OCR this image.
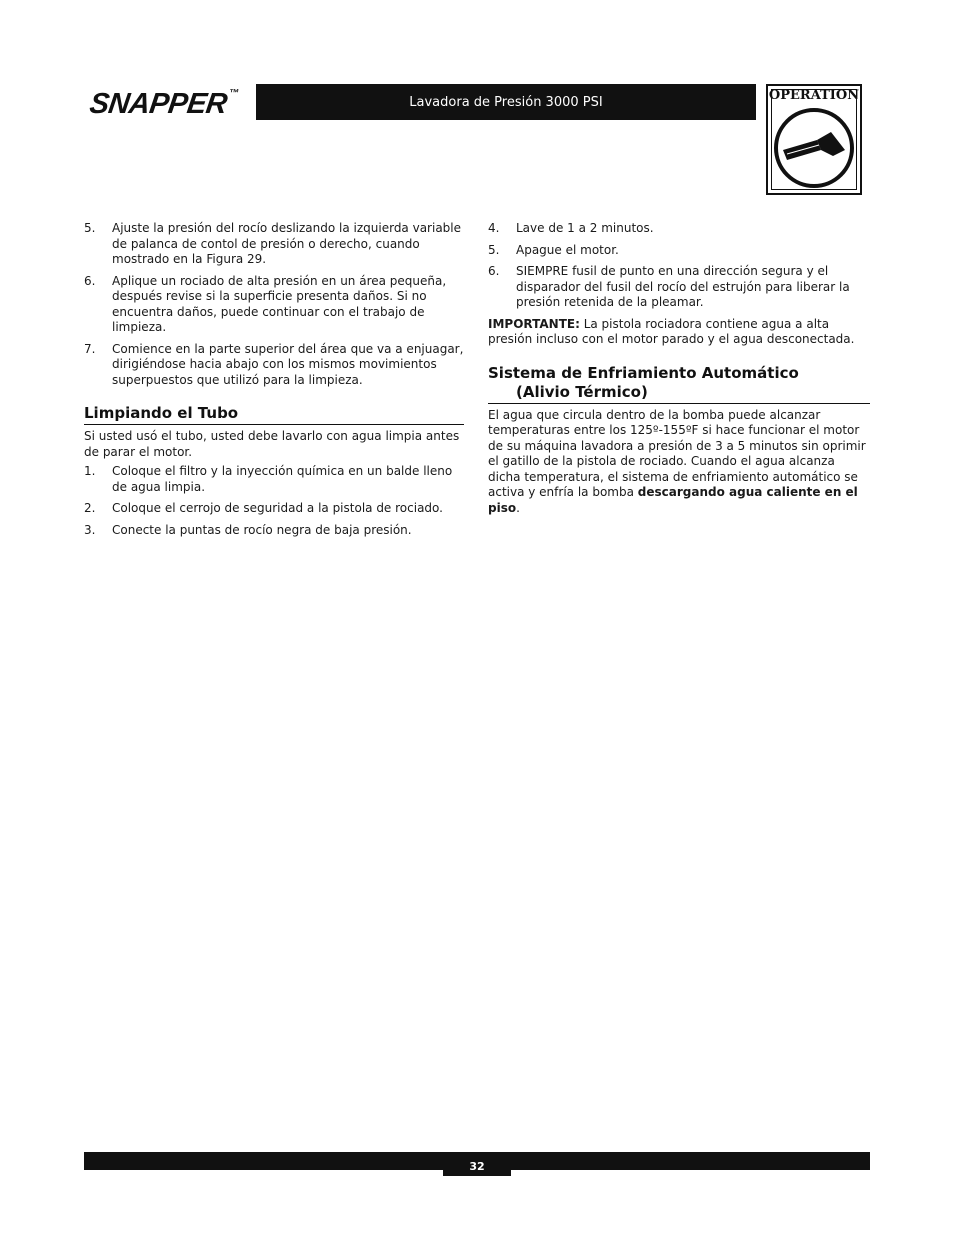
SNAPPER™
Lavadora de Presión 3000 PSI	OPERATION
5.	Ajuste la presión del rocío deslizando la izquierda variable de palanca de contol de presión o derecho, cuando mostrado en la Figura 29.
6.	Aplique un rociado de alta presión en un área pequeña, después revise si la superficie presenta daños. Si no encuentra daños, puede continuar con el trabajo de limpieza.
7.	Comience en la parte superior del área que va a enjuagar, dirigiéndose hacia abajo con los mismos movimientos superpuestos que utilizó para la limpieza.
Limpiando el Tubo

Si usted usó el tubo, usted debe lavarlo con agua limpia antes de parar el motor.

1.	Coloque el filtro y la inyección química en un balde lleno de agua limpia.
2.	Coloque el cerrojo de seguridad a la pistola de rociado.
3.	Conecte la puntas de rocío negra de baja presión.
4.	Lave de 1 a 2 minutos.
5.	Apague el motor.
6.	SIEMPRE fusil de punto en una dirección segura y el disparador del fusil del rocío del estrujón para liberar la presión retenida de la pleamar.

IMPORTANTE: La pistola rociadora contiene agua a alta presión incluso con el motor parado y el agua desconectada.

Sistema de Enfriamiento Automático
(Alivio Térmico)

El agua que circula dentro de la bomba puede alcanzar temperaturas entre los 125º-155ºF si hace funcionar el motor de su máquina lavadora a presión de 3 a 5 minutos sin oprimir el gatillo de la pistola de rociado. Cuando el agua alcanza dicha temperatura, el sistema de enfriamiento automático se activa y enfría la bomba descargando agua caliente en el piso.

32
